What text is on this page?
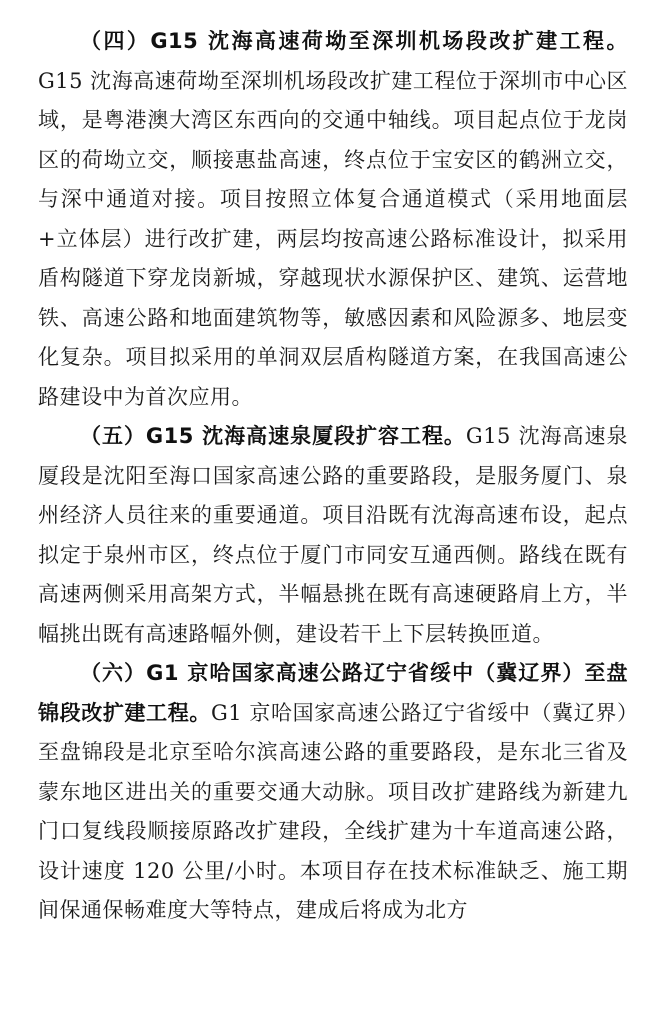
（四）G15 沈海高速荷坳至深圳机场段改扩建工程。G15 沈海高速荷坳至深圳机场段改扩建工程位于深圳市中心区域，是粤港澳大湾区东西向的交通中轴线。项目起点位于龙岗区的荷坳立交，顺接惠盐高速，终点位于宝安区的鹤洲立交，与深中通道对接。项目按照立体复合通道模式（采用地面层+立体层）进行改扩建，两层均按高速公路标准设计，拟采用盾构隧道下穿龙岗新城，穿越现状水源保护区、建筑、运营地铁、高速公路和地面建筑物等，敏感因素和风险源多、地层变化复杂。项目拟采用的单洞双层盾构隧道方案，在我国高速公路建设中为首次应用。

（五）G15 沈海高速泉厦段扩容工程。G15 沈海高速泉厦段是沈阳至海口国家高速公路的重要路段，是服务厦门、泉州经济人员往来的重要通道。项目沿既有沈海高速布设，起点拟定于泉州市区，终点位于厦门市同安互通西侧。路线在既有高速两侧采用高架方式，半幅悬挑在既有高速硬路肩上方，半幅挑出既有高速路幅外侧，建设若干上下层转换匝道。

（六）G1 京哈国家高速公路辽宁省绥中（冀辽界）至盘锦段改扩建工程。G1 京哈国家高速公路辽宁省绥中（冀辽界）至盘锦段是北京至哈尔滨高速公路的重要路段，是东北三省及蒙东地区进出关的重要交通大动脉。项目改扩建路线为新建九门口复线段顺接原路改扩建段，全线扩建为十车道高速公路，设计速度 120 公里/小时。本项目存在技术标准缺乏、施工期间保通保畅难度大等特点，建成后将成为北方
